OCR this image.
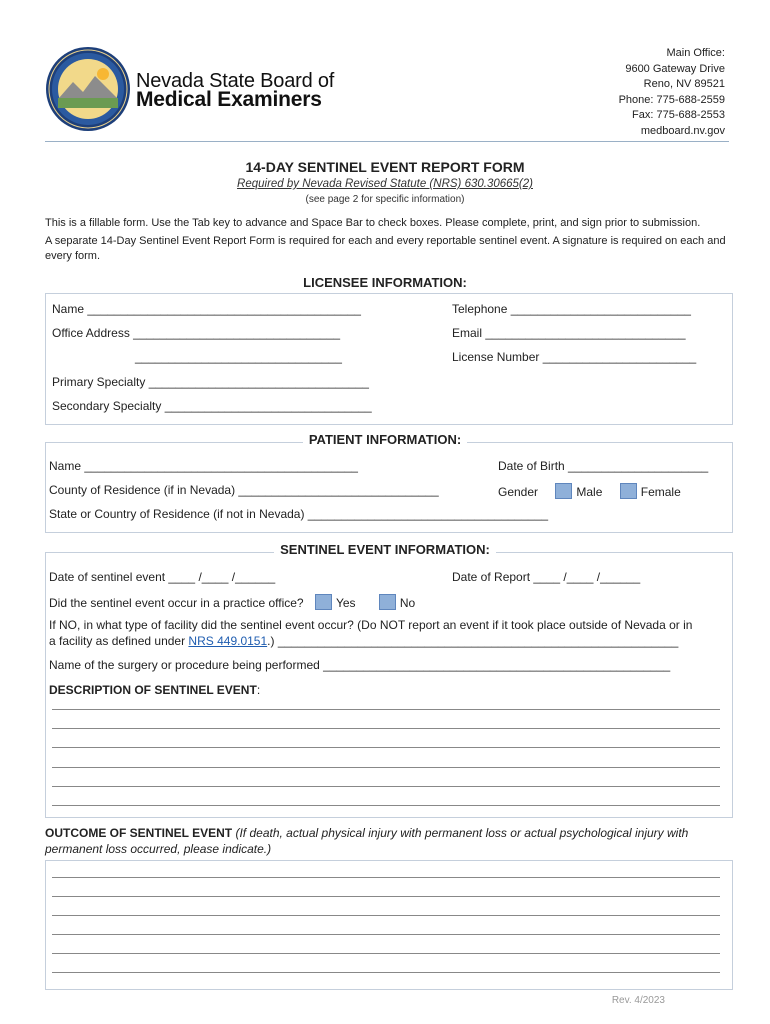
Nevada State Board of
Medical Examiners
Main Office:
9600 Gateway Drive
Reno, NV 89521
Phone: 775-688-2559
Fax: 775-688-2553
medboard.nv.gov
14-DAY SENTINEL EVENT REPORT FORM
Required by Nevada Revised Statute (NRS) 630.30665(2)
(see page 2 for specific information)

This is a fillable form. Use the Tab key to advance and Space Bar to check boxes. Please complete, print, and sign prior to submission.

A separate 14-Day Sentinel Event Report Form is required for each and every reportable sentinel event. A signature is required on each and every form.

LICENSEE INFORMATION:
Name _________________________________________	Telephone ___________________________
Office Address _______________________________	Email ______________________________
_______________________________	License Number _______________________
Primary Specialty _________________________________
Secondary Specialty _______________________________
PATIENT INFORMATION:
Name _________________________________________	Date of Birth _____________________
County of Residence (if in Nevada) ______________________________	Gender	Male	Female
State or Country of Residence (if not in Nevada) ____________________________________
SENTINEL EVENT INFORMATION:
Date of sentinel event ____ /____ /______	Date of Report ____ /____ /______
Did the sentinel event occur in a practice office?	Yes	No
If NO, in what type of facility did the sentinel event occur? (Do NOT report an event if it took place outside of Nevada or in
a facility as defined under NRS 449.0151.) ____________________________________________________________
Name of the surgery or procedure being performed ____________________________________________________
DESCRIPTION OF SENTINEL EVENT:
OUTCOME OF SENTINEL EVENT (If death, actual physical injury with permanent loss or actual psychological injury with permanent loss occurred, please indicate.)
Rev. 4/2023
